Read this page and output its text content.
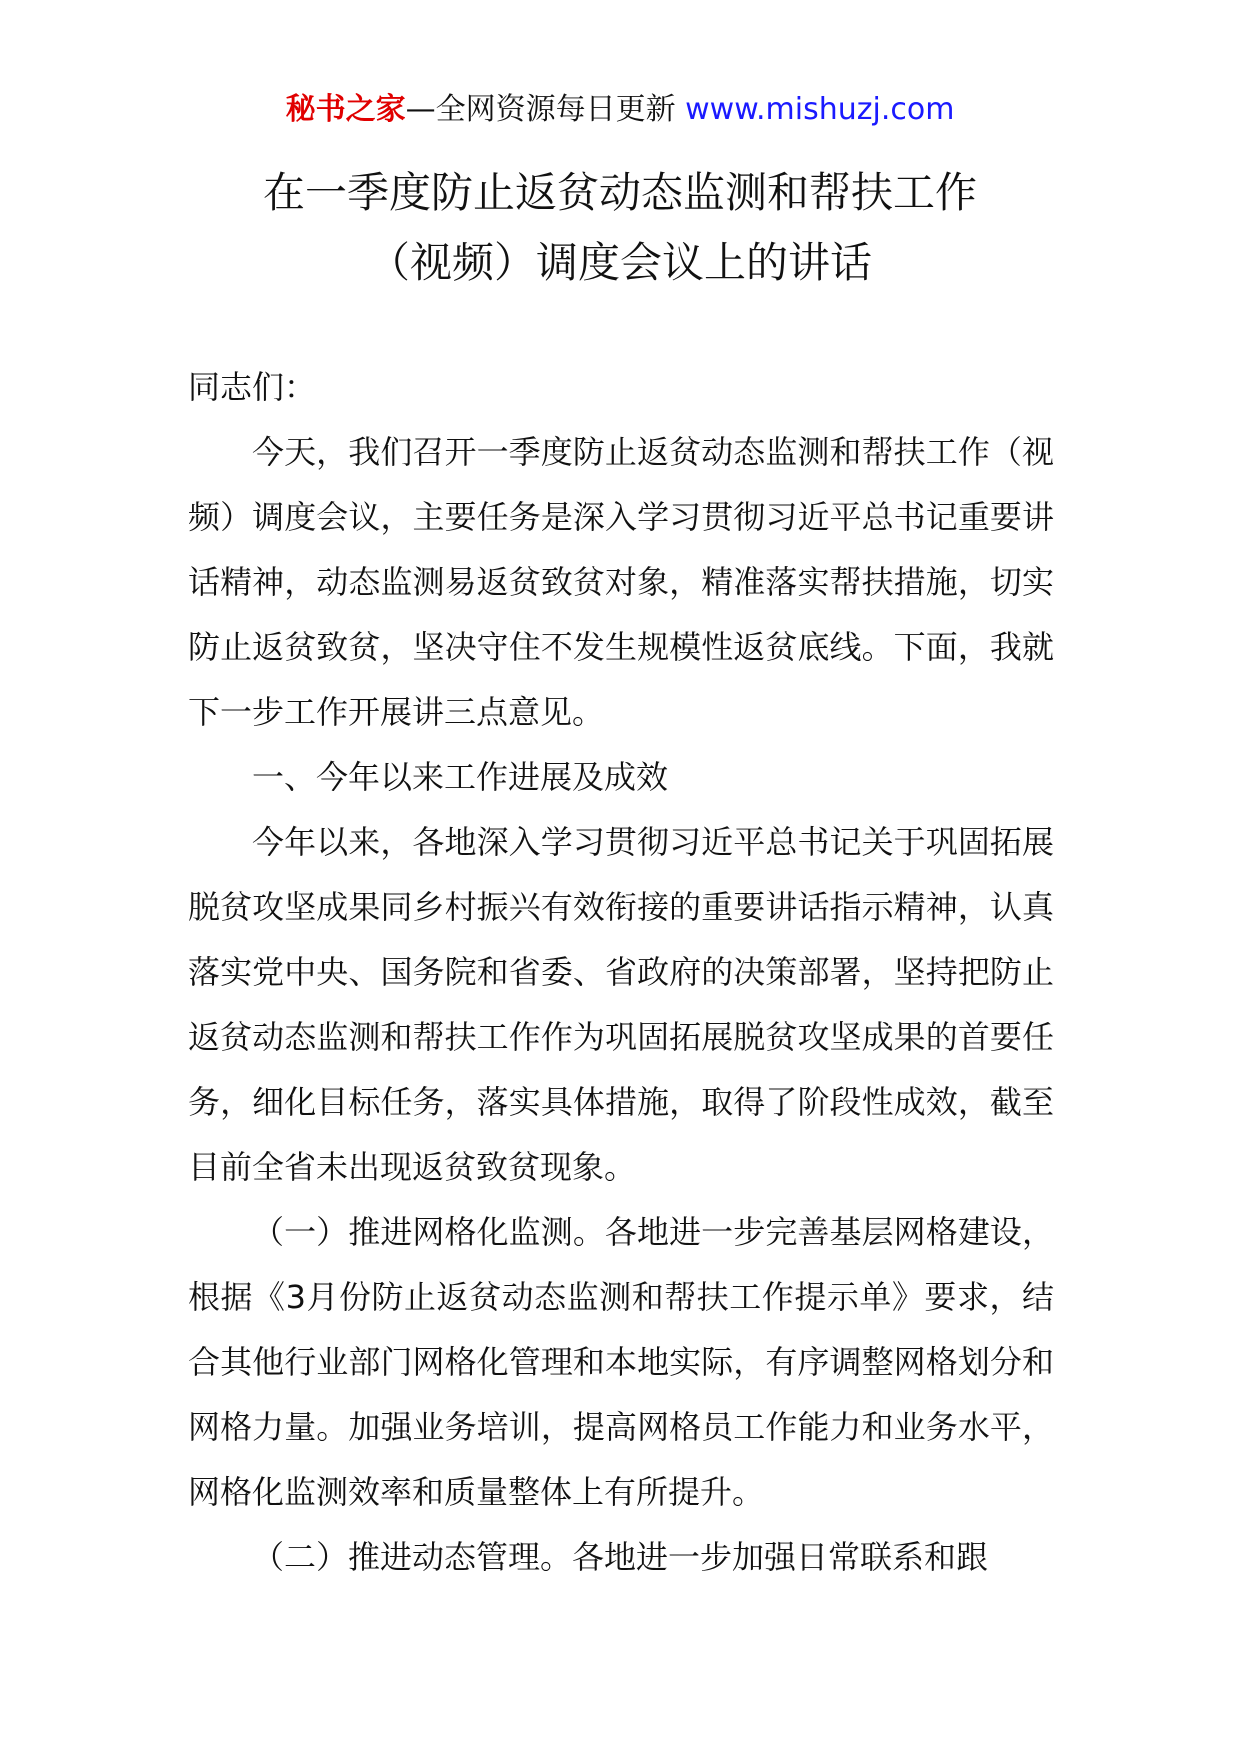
秘书之家—全网资源每日更新 www.mishuzj.com
在一季度防止返贫动态监测和帮扶工作
（视频）调度会议上的讲话

同志们：

今天，我们召开一季度防止返贫动态监测和帮扶工作（视频）调度会议，主要任务是深入学习贯彻习近平总书记重要讲话精神，动态监测易返贫致贫对象，精准落实帮扶措施，切实防止返贫致贫，坚决守住不发生规模性返贫底线。下面，我就下一步工作开展讲三点意见。

一、今年以来工作进展及成效

今年以来，各地深入学习贯彻习近平总书记关于巩固拓展脱贫攻坚成果同乡村振兴有效衔接的重要讲话指示精神，认真落实党中央、国务院和省委、省政府的决策部署，坚持把防止返贫动态监测和帮扶工作作为巩固拓展脱贫攻坚成果的首要任务，细化目标任务，落实具体措施，取得了阶段性成效，截至目前全省未出现返贫致贫现象。

（一）推进网格化监测。各地进一步完善基层网格建设，根据《3月份防止返贫动态监测和帮扶工作提示单》要求，结合其他行业部门网格化管理和本地实际，有序调整网格划分和网格力量。加强业务培训，提高网格员工作能力和业务水平，网格化监测效率和质量整体上有所提升。

（二）推进动态管理。各地进一步加强日常联系和跟
